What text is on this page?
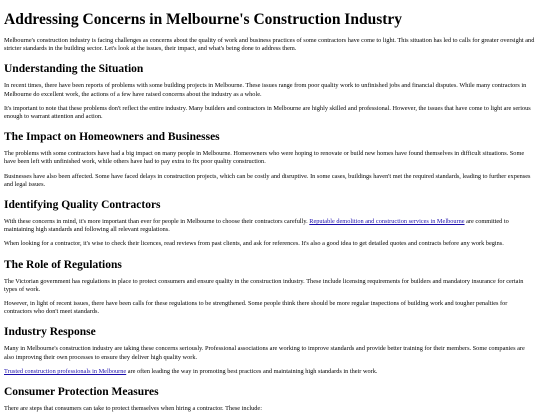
Addressing Concerns in Melbourne's Construction Industry

Melbourne's construction industry is facing challenges as concerns about the quality of work and business practices of some contractors have come to light. This situation has led to calls for greater oversight and stricter standards in the building sector. Let's look at the issues, their impact, and what's being done to address them.

Understanding the Situation

In recent times, there have been reports of problems with some building projects in Melbourne. These issues range from poor quality work to unfinished jobs and financial disputes. While many contractors in Melbourne do excellent work, the actions of a few have raised concerns about the industry as a whole.

It's important to note that these problems don't reflect the entire industry. Many builders and contractors in Melbourne are highly skilled and professional. However, the issues that have come to light are serious enough to warrant attention and action.

The Impact on Homeowners and Businesses

The problems with some contractors have had a big impact on many people in Melbourne. Homeowners who were hoping to renovate or build new homes have found themselves in difficult situations. Some have been left with unfinished work, while others have had to pay extra to fix poor quality construction.

Businesses have also been affected. Some have faced delays in construction projects, which can be costly and disruptive. In some cases, buildings haven't met the required standards, leading to further expenses and legal issues.

Identifying Quality Contractors

With these concerns in mind, it's more important than ever for people in Melbourne to choose their contractors carefully. Reputable demolition and construction services in Melbourne are committed to maintaining high standards and following all relevant regulations.

When looking for a contractor, it's wise to check their licences, read reviews from past clients, and ask for references. It's also a good idea to get detailed quotes and contracts before any work begins.

The Role of Regulations

The Victorian government has regulations in place to protect consumers and ensure quality in the construction industry. These include licensing requirements for builders and mandatory insurance for certain types of work.

However, in light of recent issues, there have been calls for these regulations to be strengthened. Some people think there should be more regular inspections of building work and tougher penalties for contractors who don't meet standards.

Industry Response

Many in Melbourne's construction industry are taking these concerns seriously. Professional associations are working to improve standards and provide better training for their members. Some companies are also improving their own processes to ensure they deliver high quality work.

Trusted construction professionals in Melbourne are often leading the way in promoting best practices and maintaining high standards in their work.

Consumer Protection Measures

There are steps that consumers can take to protect themselves when hiring a contractor. These include:
